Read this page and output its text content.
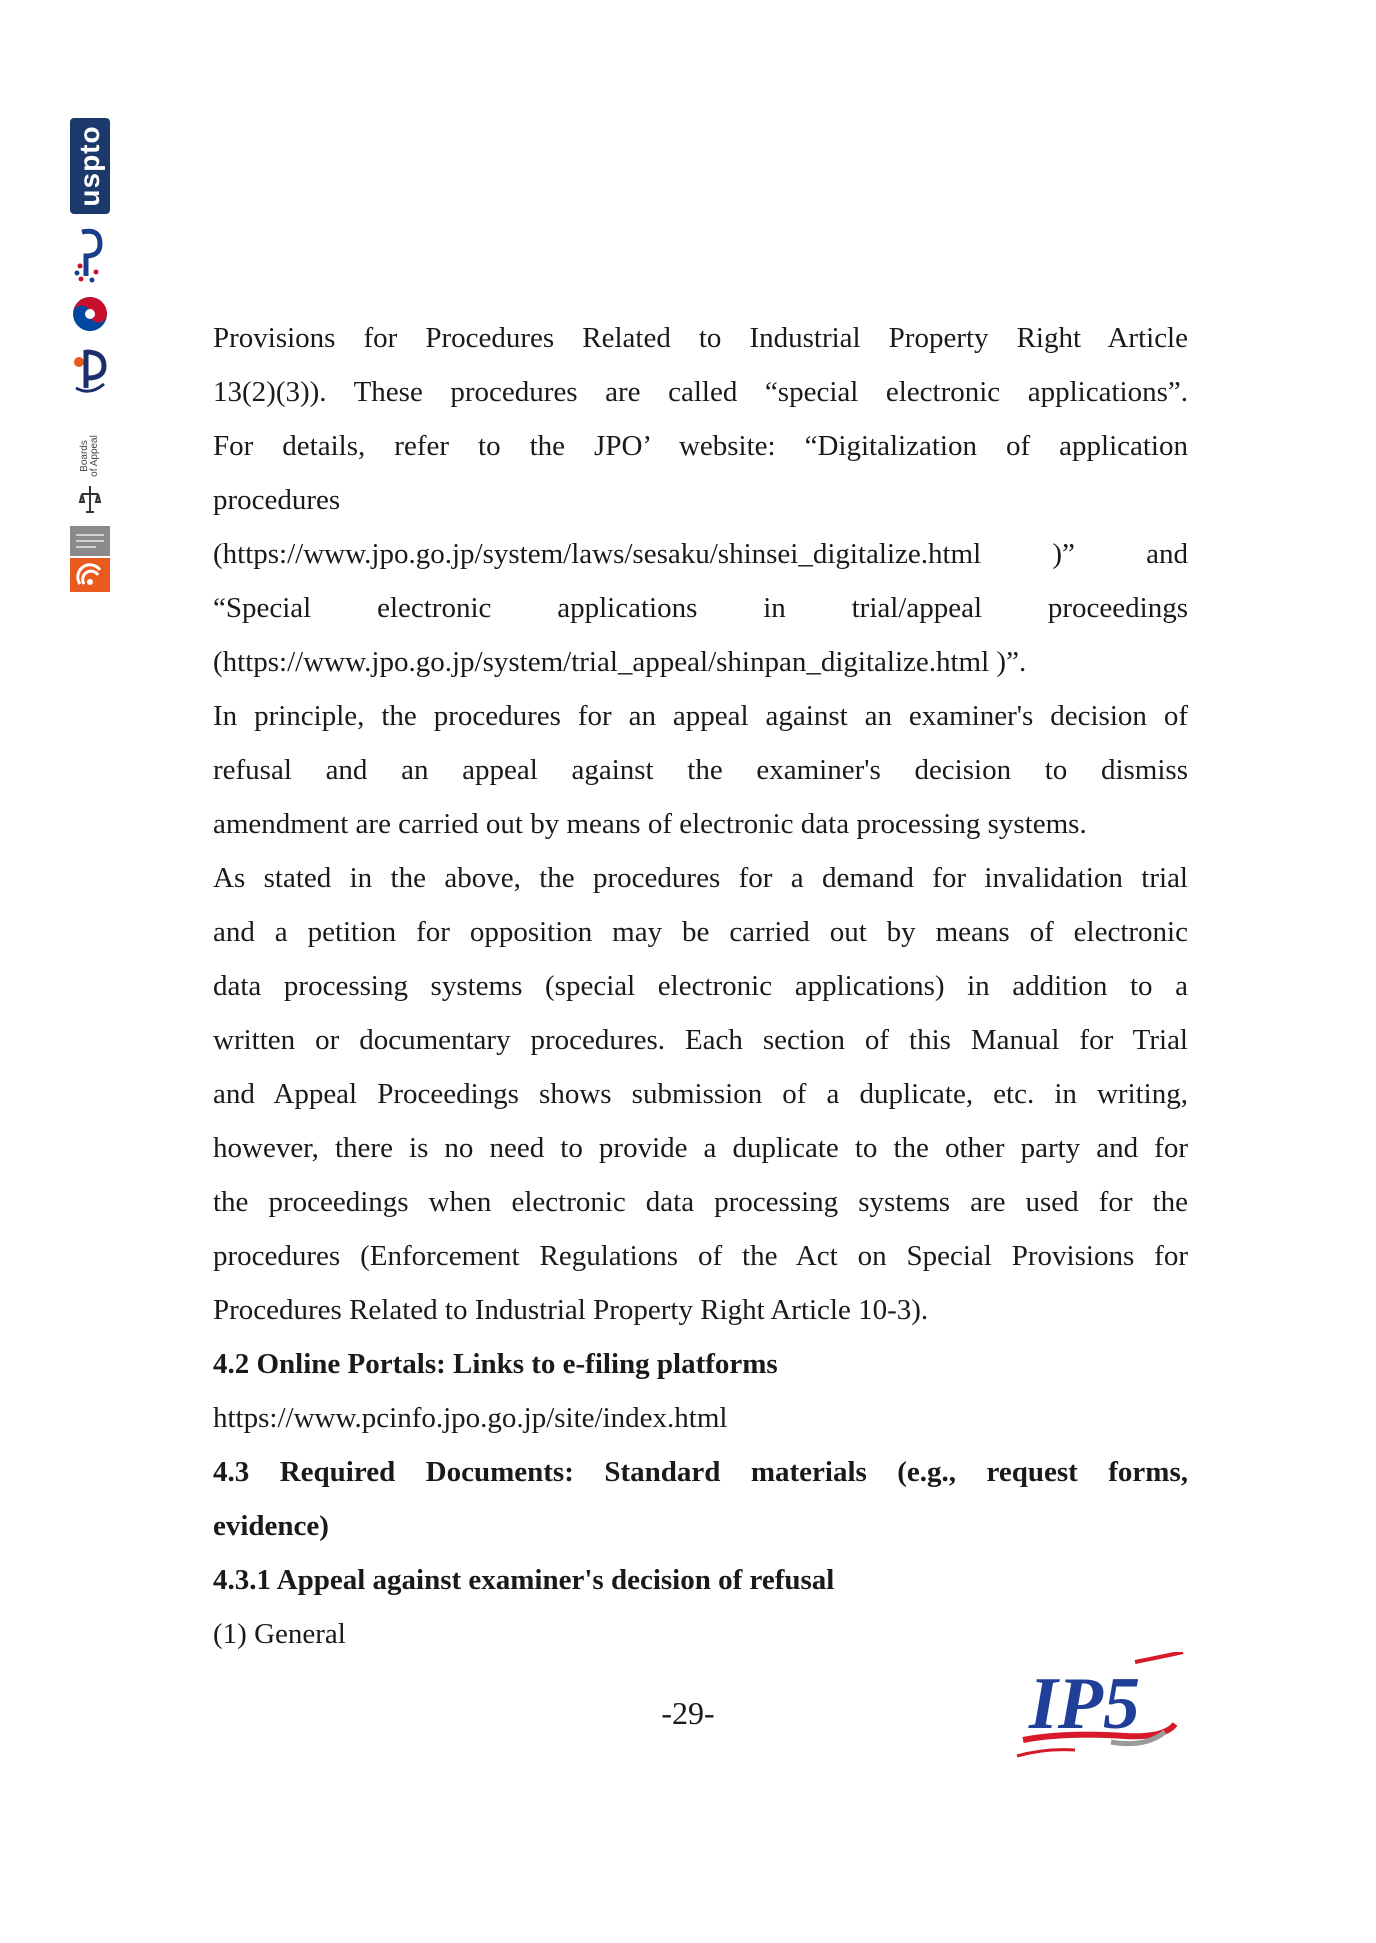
uspto
Boards of Appeal

Provisions for Procedures Related to Industrial Property Right Article

13(2)(3)). These procedures are called “special electronic applications”.

For details, refer to the JPO’ website: “Digitalization of application

procedures

(https://www.jpo.go.jp/system/laws/sesaku/shinsei_digitalize.html )” and

“Special electronic applications in trial/appeal proceedings

(https://www.jpo.go.jp/system/trial_appeal/shinpan_digitalize.html )”.

In principle, the procedures for an appeal against an examiner's decision of

refusal and an appeal against the examiner's decision to dismiss

amendment are carried out by means of electronic data processing systems.

As stated in the above, the procedures for a demand for invalidation trial

and a petition for opposition may be carried out by means of electronic

data processing systems (special electronic applications) in addition to a

written or documentary procedures. Each section of this Manual for Trial

and Appeal Proceedings shows submission of a duplicate, etc. in writing,

however, there is no need to provide a duplicate to the other party and for

the proceedings when electronic data processing systems are used for the

procedures (Enforcement Regulations of the Act on Special Provisions for

Procedures Related to Industrial Property Right Article 10-3).

4.2 Online Portals: Links to e-filing platforms

https://www.pcinfo.jpo.go.jp/site/index.html

4.3 Required Documents: Standard materials (e.g., request forms,

evidence)

4.3.1 Appeal against examiner's decision of refusal

(1) General

-29-	IP5
